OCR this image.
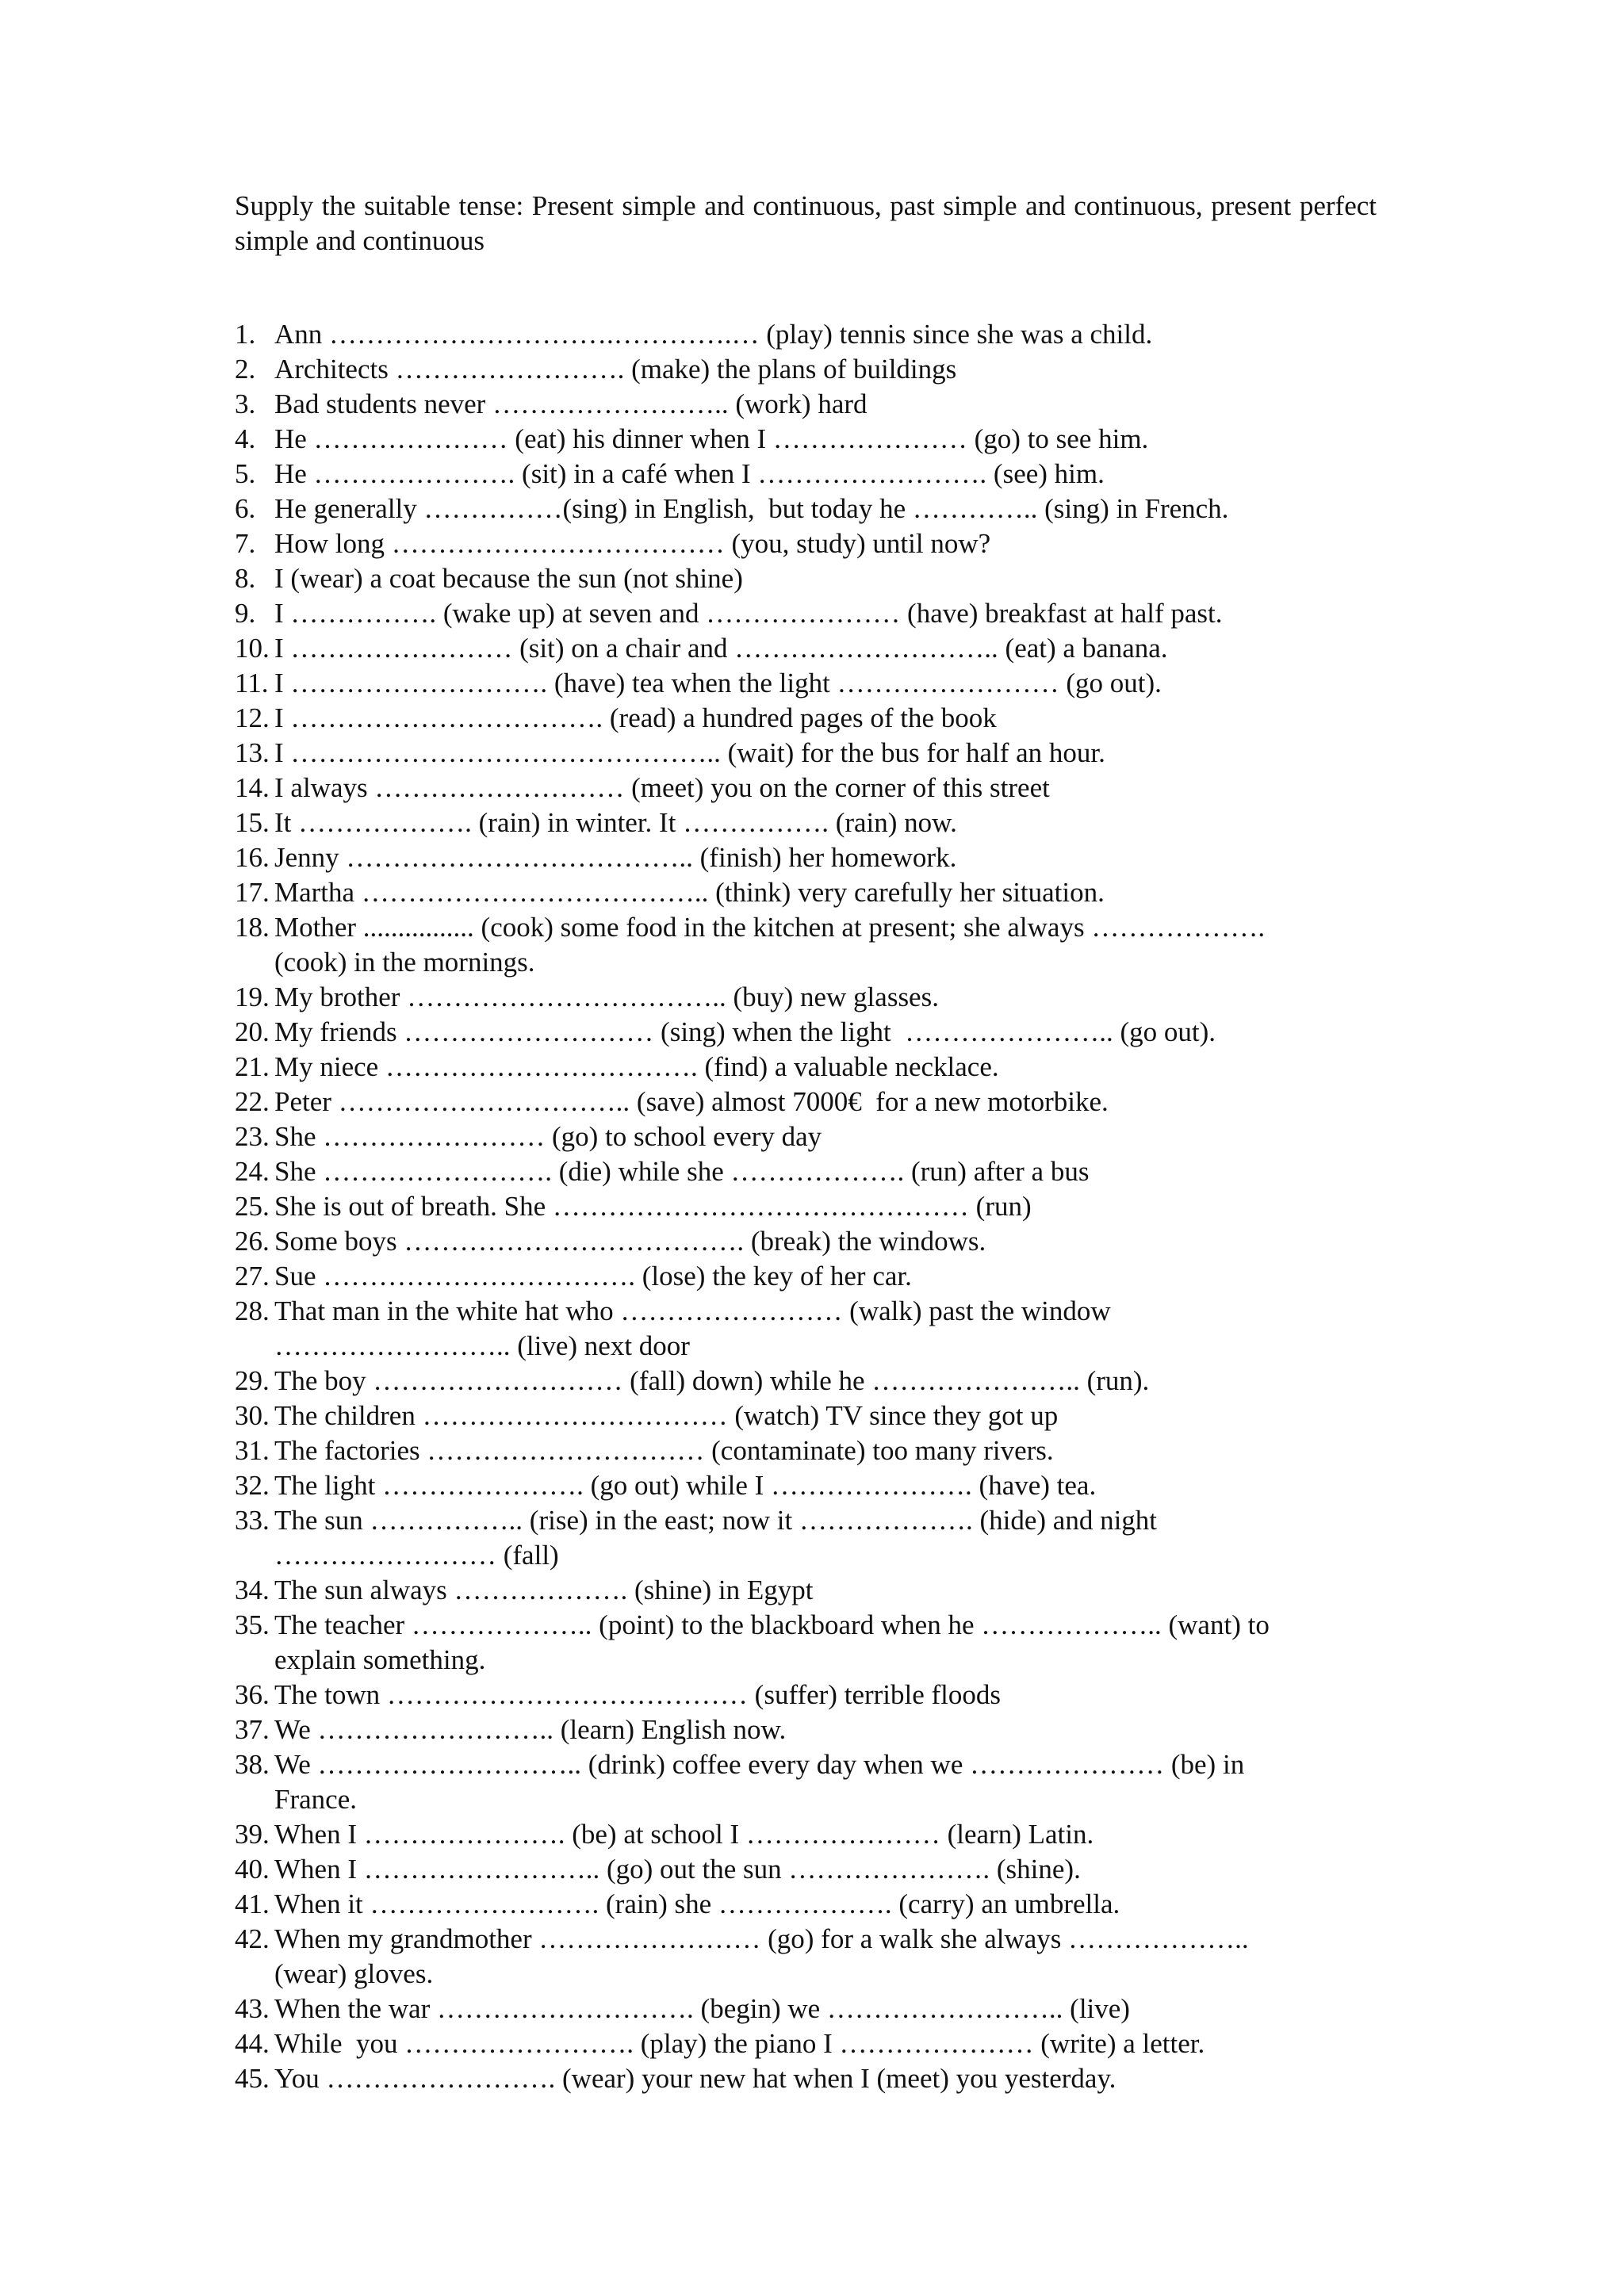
Supply the suitable tense: Present simple and continuous, past simple and continuous, present perfect simple and continuous
1. Ann ………………………….………….… (play) tennis since she was a child.
2. Architects ……………………. (make) the plans of buildings
3. Bad students never …………………….. (work) hard
4. He ………………… (eat) his dinner when I ………………… (go) to see him.
5. He …………………. (sit) in a café when I ……………………. (see) him.
6. He generally ……………(sing) in English,  but today he ………….. (sing) in French.
7. How long ……………………………… (you, study) until now?
8. I (wear) a coat because the sun (not shine)
9. I ……………. (wake up) at seven and ………………… (have) breakfast at half past.
10. I …………………… (sit) on a chair and ……………………….. (eat) a banana.
11. I ………………………. (have) tea when the light …………………… (go out).
12. I ……………………………. (read) a hundred pages of the book
13. I ……………………………………….. (wait) for the bus for half an hour.
14. I always ……………………… (meet) you on the corner of this street
15. It ………………. (rain) in winter. It ……………. (rain) now.
16. Jenny ……………………………….. (finish) her homework.
17. Martha ……………………………….. (think) very carefully her situation.
18. Mother ................ (cook) some food in the kitchen at present; she always ……………….
(cook) in the mornings.
19. My brother …………………………….. (buy) new glasses.
20. My friends ……………………… (sing) when the light  ………………….. (go out).
21. My niece ……………………………. (find) a valuable necklace.
22. Peter ………………………….. (save) almost 7000€  for a new motorbike.
23. She …………………… (go) to school every day
24. She ……………………. (die) while she ………………. (run) after a bus
25. She is out of breath. She ……………………………………… (run)
26. Some boys ………………………………. (break) the windows.
27. Sue ……………………………. (lose) the key of her car.
28. That man in the white hat who …………………… (walk) past the window
…………………….. (live) next door
29. The boy ……………………… (fall) down) while he ………………….. (run).
30. The children …………………………… (watch) TV since they got up
31. The factories ………………………… (contaminate) too many rivers.
32. The light …………………. (go out) while I …………………. (have) tea.
33. The sun …………….. (rise) in the east; now it ………………. (hide) and night
…………………… (fall)
34. The sun always ………………. (shine) in Egypt
35. The teacher ……………….. (point) to the blackboard when he ……………….. (want) to
explain something.
36. The town ………………………………… (suffer) terrible floods
37. We …………………….. (learn) English now.
38. We ……………………….. (drink) coffee every day when we ………………… (be) in
France.
39. When I …………………. (be) at school I ………………… (learn) Latin.
40. When I …………………….. (go) out the sun …………………. (shine).
41. When it ……………………. (rain) she ………………. (carry) an umbrella.
42. When my grandmother …………………… (go) for a walk she always ………………..
(wear) gloves.
43. When the war ………………………. (begin) we …………………….. (live)
44. While  you ……………………. (play) the piano I ………………… (write) a letter.
45. You ……………………. (wear) your new hat when I (meet) you yesterday.
